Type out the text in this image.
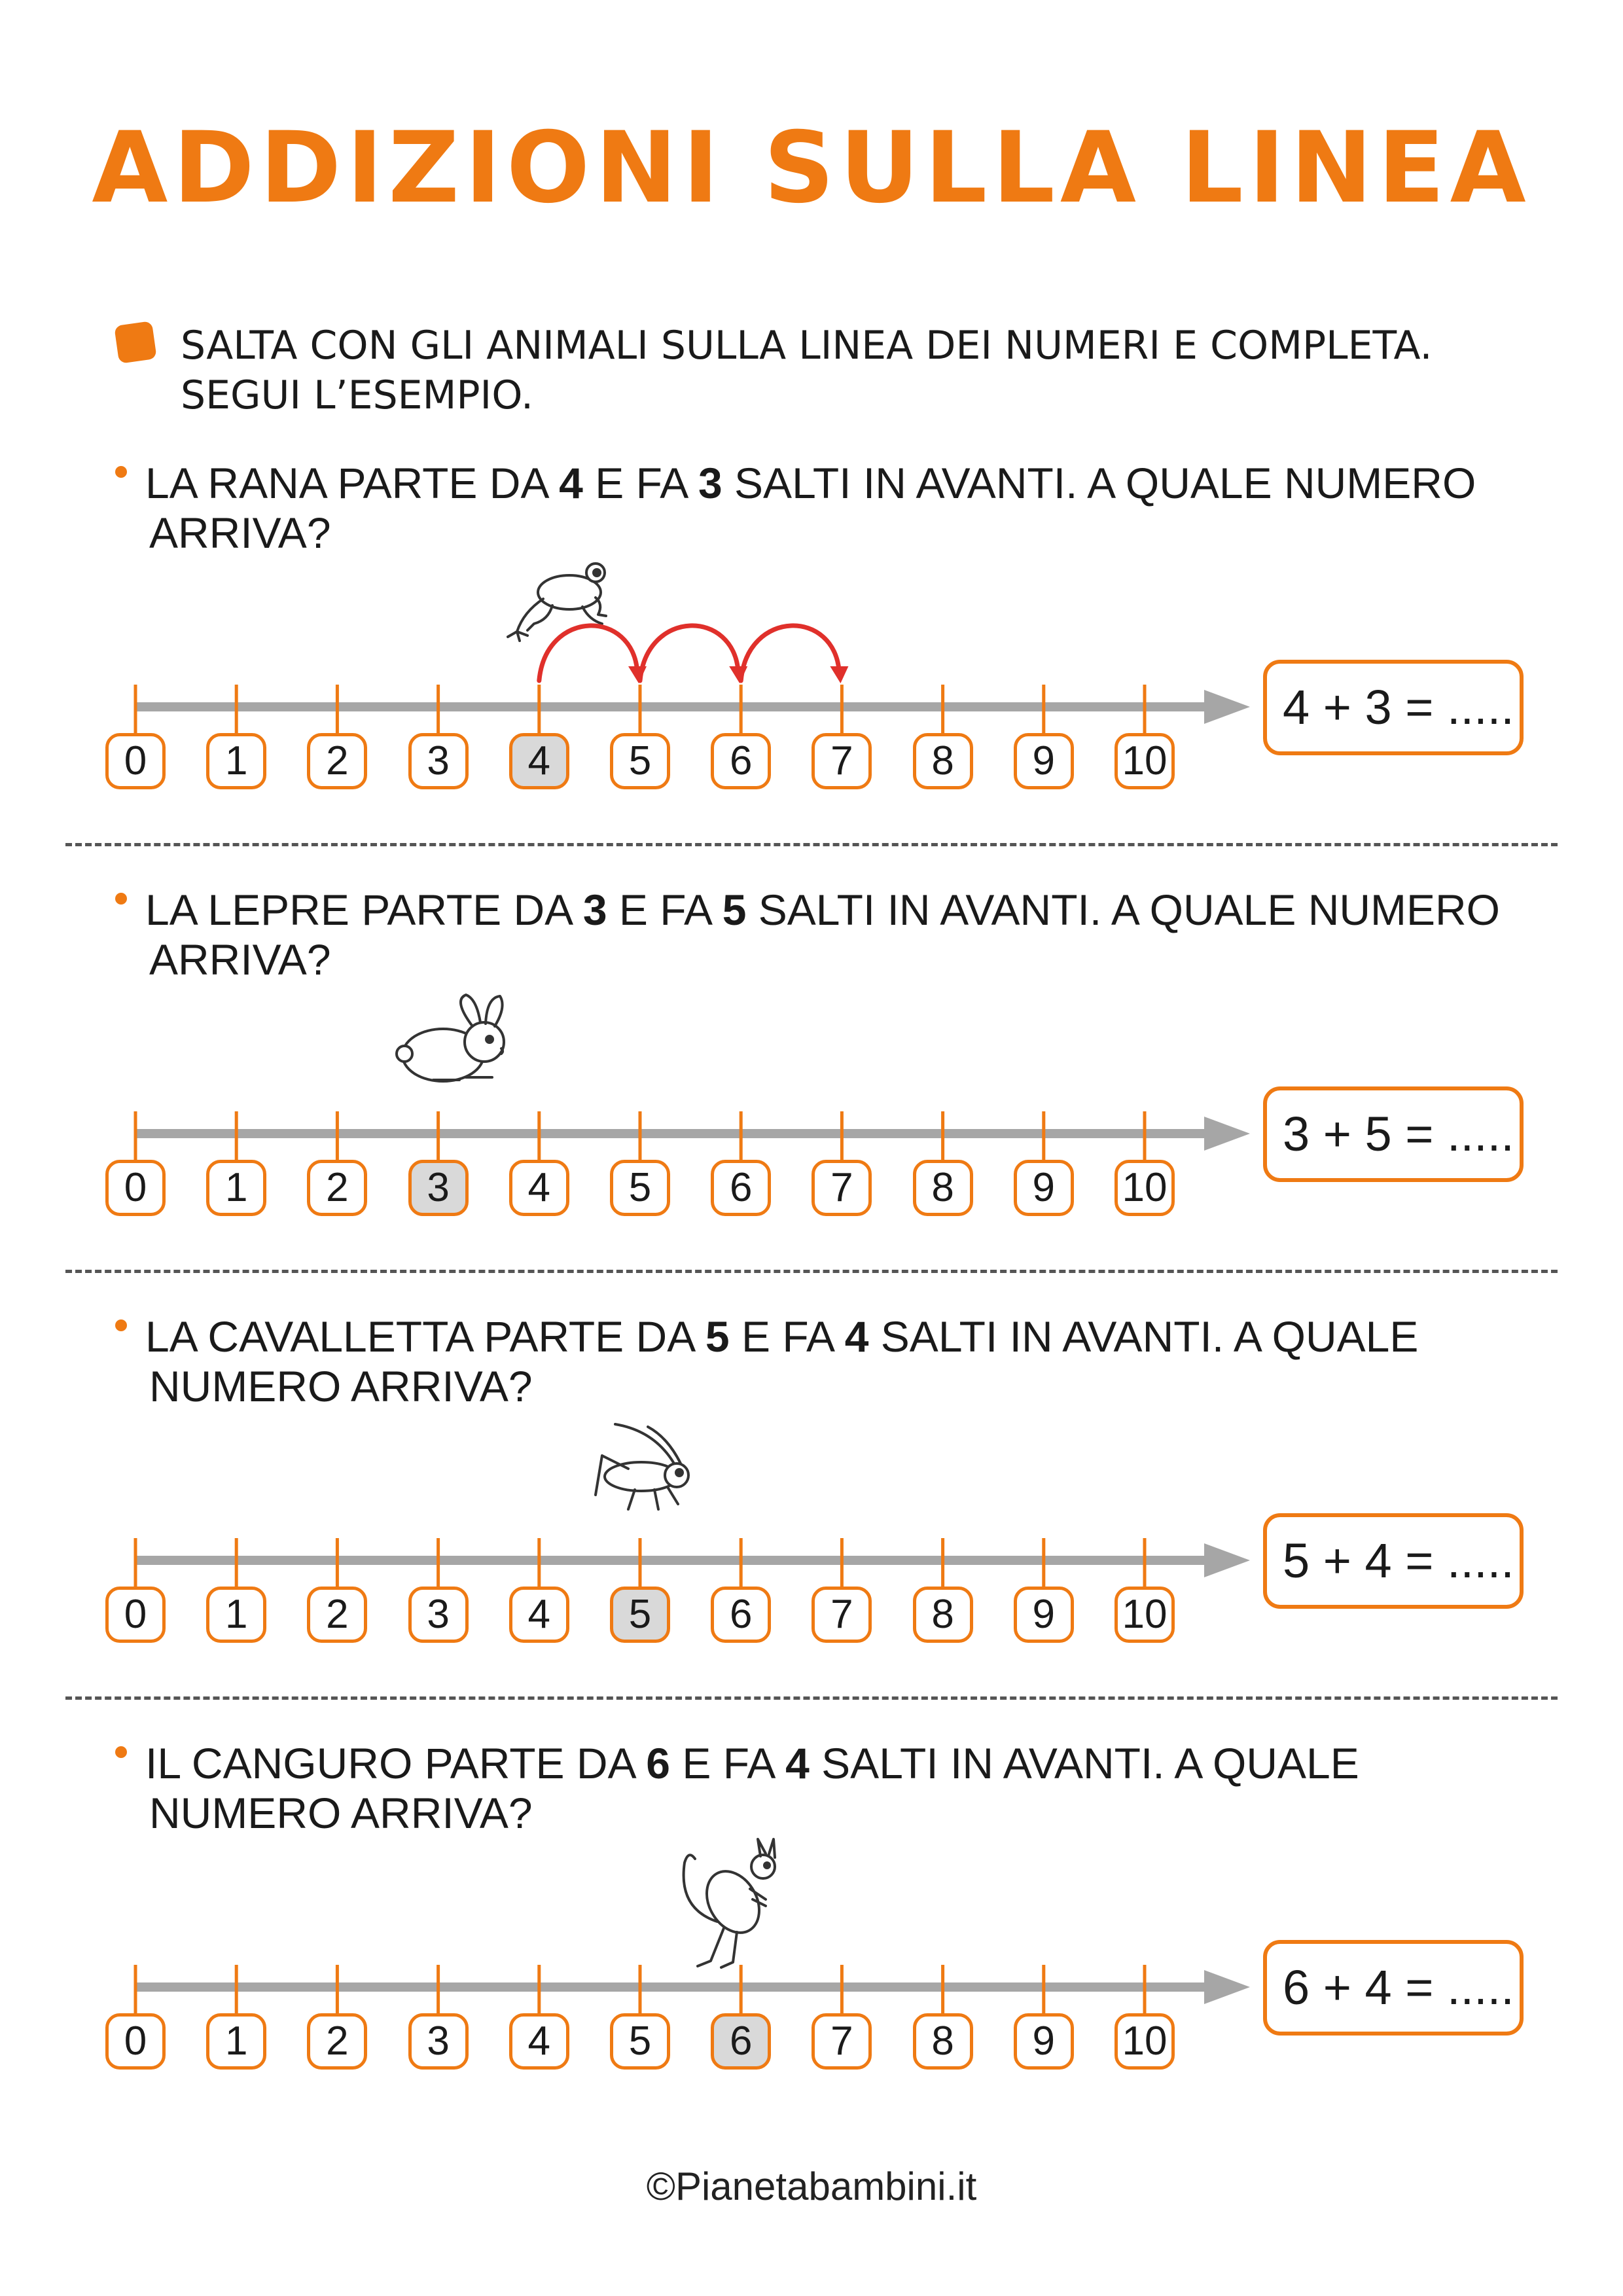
ADDIZIONI SULLA LINEA
SALTA CON GLI ANIMALI SULLA LINEA DEI NUMERI E COMPLETA.
SEGUI L’ESEMPIO.
LA RANA PARTE DA 4 E FA 3 SALTI IN AVANTI. A QUALE NUMERO
ARRIVA?
4 + 3 = .....
0	1	2	3	4	5	6	7	8	9	10
LA LEPRE PARTE DA 3 E FA 5 SALTI IN AVANTI. A QUALE NUMERO
ARRIVA?
3 + 5 = .....
0	1	2	3	4	5	6	7	8	9	10
LA CAVALLETTA PARTE DA 5 E FA 4 SALTI IN AVANTI. A QUALE
NUMERO ARRIVA?
5 + 4 = .....
0	1	2	3	4	5	6	7	8	9	10
IL CANGURO PARTE DA 6 E FA 4 SALTI IN AVANTI. A QUALE
NUMERO ARRIVA?
6 + 4 = .....
0	1	2	3	4	5	6	7	8	9	10
©Pianetabambini.it
